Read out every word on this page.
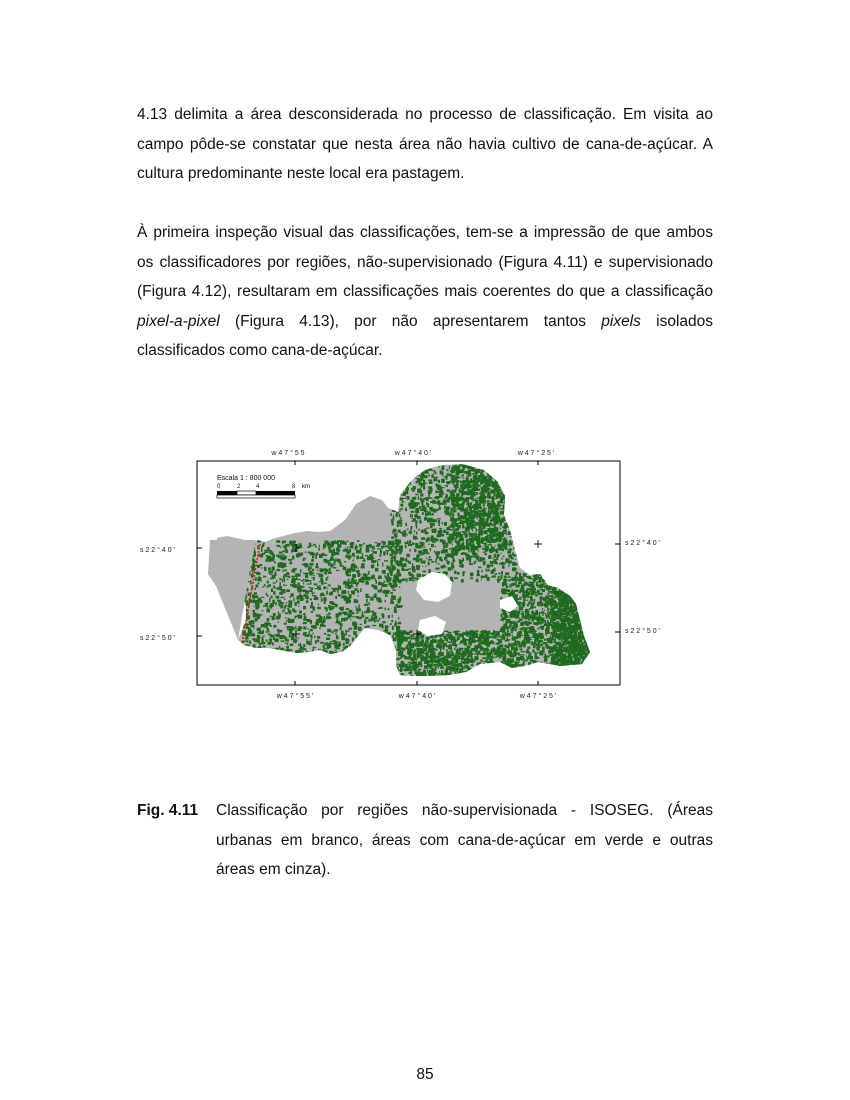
4.13 delimita a área desconsiderada no processo de classificação. Em visita ao campo pôde-se constatar que nesta área não havia cultivo de cana-de-açúcar. A cultura predominante neste local era pastagem.

À primeira inspeção visual das classificações, tem-se a impressão de que ambos os classificadores por regiões, não-supervisionado (Figura 4.11) e supervisionado (Figura 4.12), resultaram em classificações mais coerentes do que a classificação pixel-a-pixel (Figura 4.13), por não apresentarem tantos pixels isolados classificados como cana-de-açúcar.

w 4 7 ° 5 5	w 4 7 ° 4 0 '	w 4 7 ° 2 5 '
w 4 7 ° 5 5 '	w 4 7 ° 4 0 '	w 4 7 ° 2 5 '
s 2 2 ° 4 0 '
s 2 2 ° 5 0 '
s 2 2 ° 4 0 '
s 2 2 ° 5 0 '
Escala 1 : 800 000
0	2	4	8 km
Fig. 4.11 Classificação por regiões não-supervisionada - ISOSEG. (Áreas urbanas em branco, áreas com cana-de-açúcar em verde e outras áreas em cinza).
85
